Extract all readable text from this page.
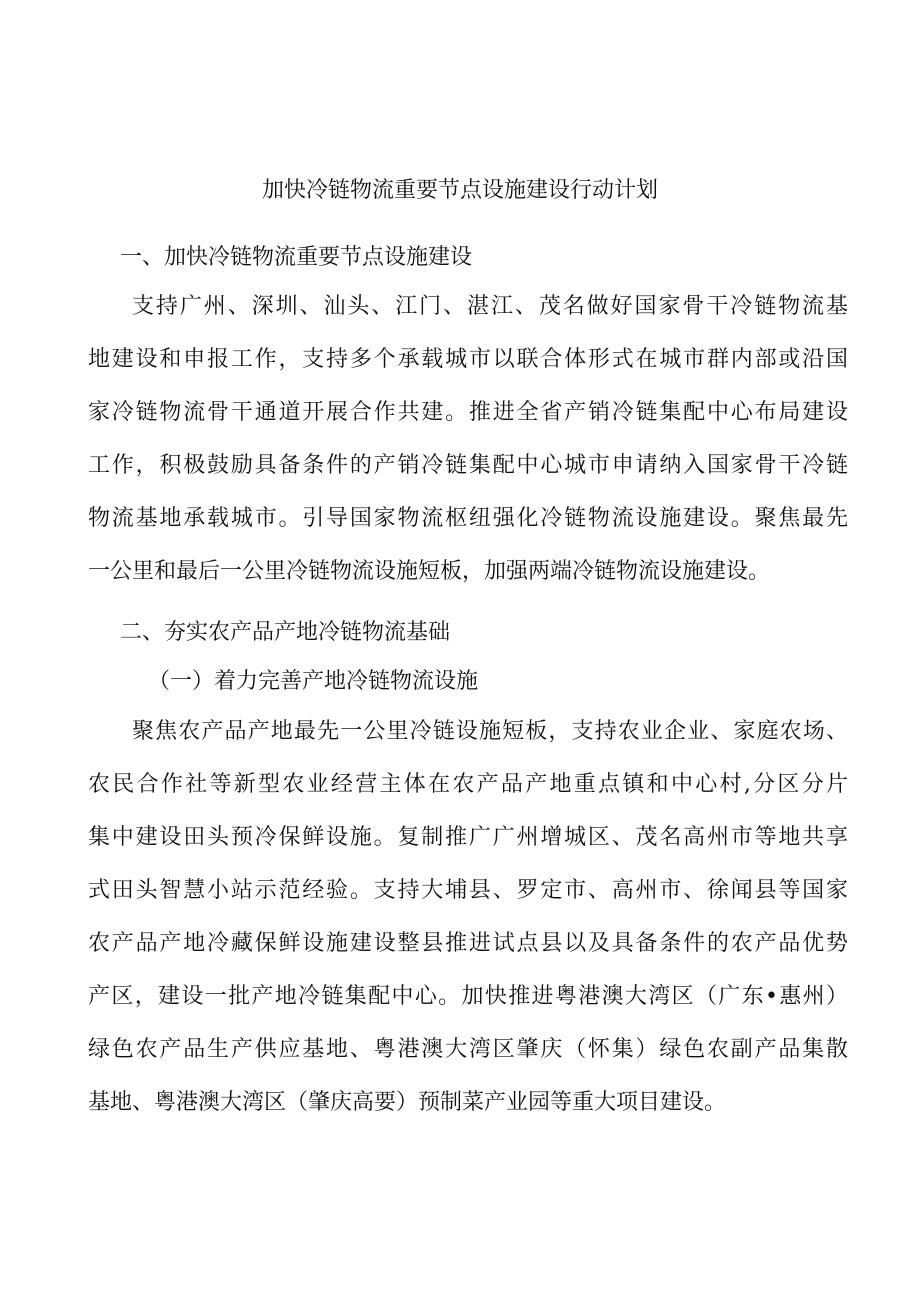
加快冷链物流重要节点设施建设行动计划
一、加快冷链物流重要节点设施建设
支持广州、深圳、汕头、江门、湛江、茂名做好国家骨干冷链物流基
地建设和申报工作，支持多个承载城市以联合体形式在城市群内部或沿国
家冷链物流骨干通道开展合作共建。推进全省产销冷链集配中心布局建设
工作，积极鼓励具备条件的产销冷链集配中心城市申请纳入国家骨干冷链
物流基地承载城市。引导国家物流枢纽强化冷链物流设施建设。聚焦最先
一公里和最后一公里冷链物流设施短板，加强两端冷链物流设施建设。
二、夯实农产品产地冷链物流基础
（一）着力完善产地冷链物流设施
聚焦农产品产地最先一公里冷链设施短板，支持农业企业、家庭农场、
农民合作社等新型农业经营主体在农产品产地重点镇和中心村,分区分片
集中建设田头预冷保鲜设施。复制推广广州增城区、茂名高州市等地共享
式田头智慧小站示范经验。支持大埔县、罗定市、高州市、徐闻县等国家
农产品产地冷藏保鲜设施建设整县推进试点县以及具备条件的农产品优势
产区，建设一批产地冷链集配中心。加快推进粤港澳大湾区（广东•惠州）
绿色农产品生产供应基地、粤港澳大湾区肇庆（怀集）绿色农副产品集散
基地、粤港澳大湾区（肇庆高要）预制菜产业园等重大项目建设。
